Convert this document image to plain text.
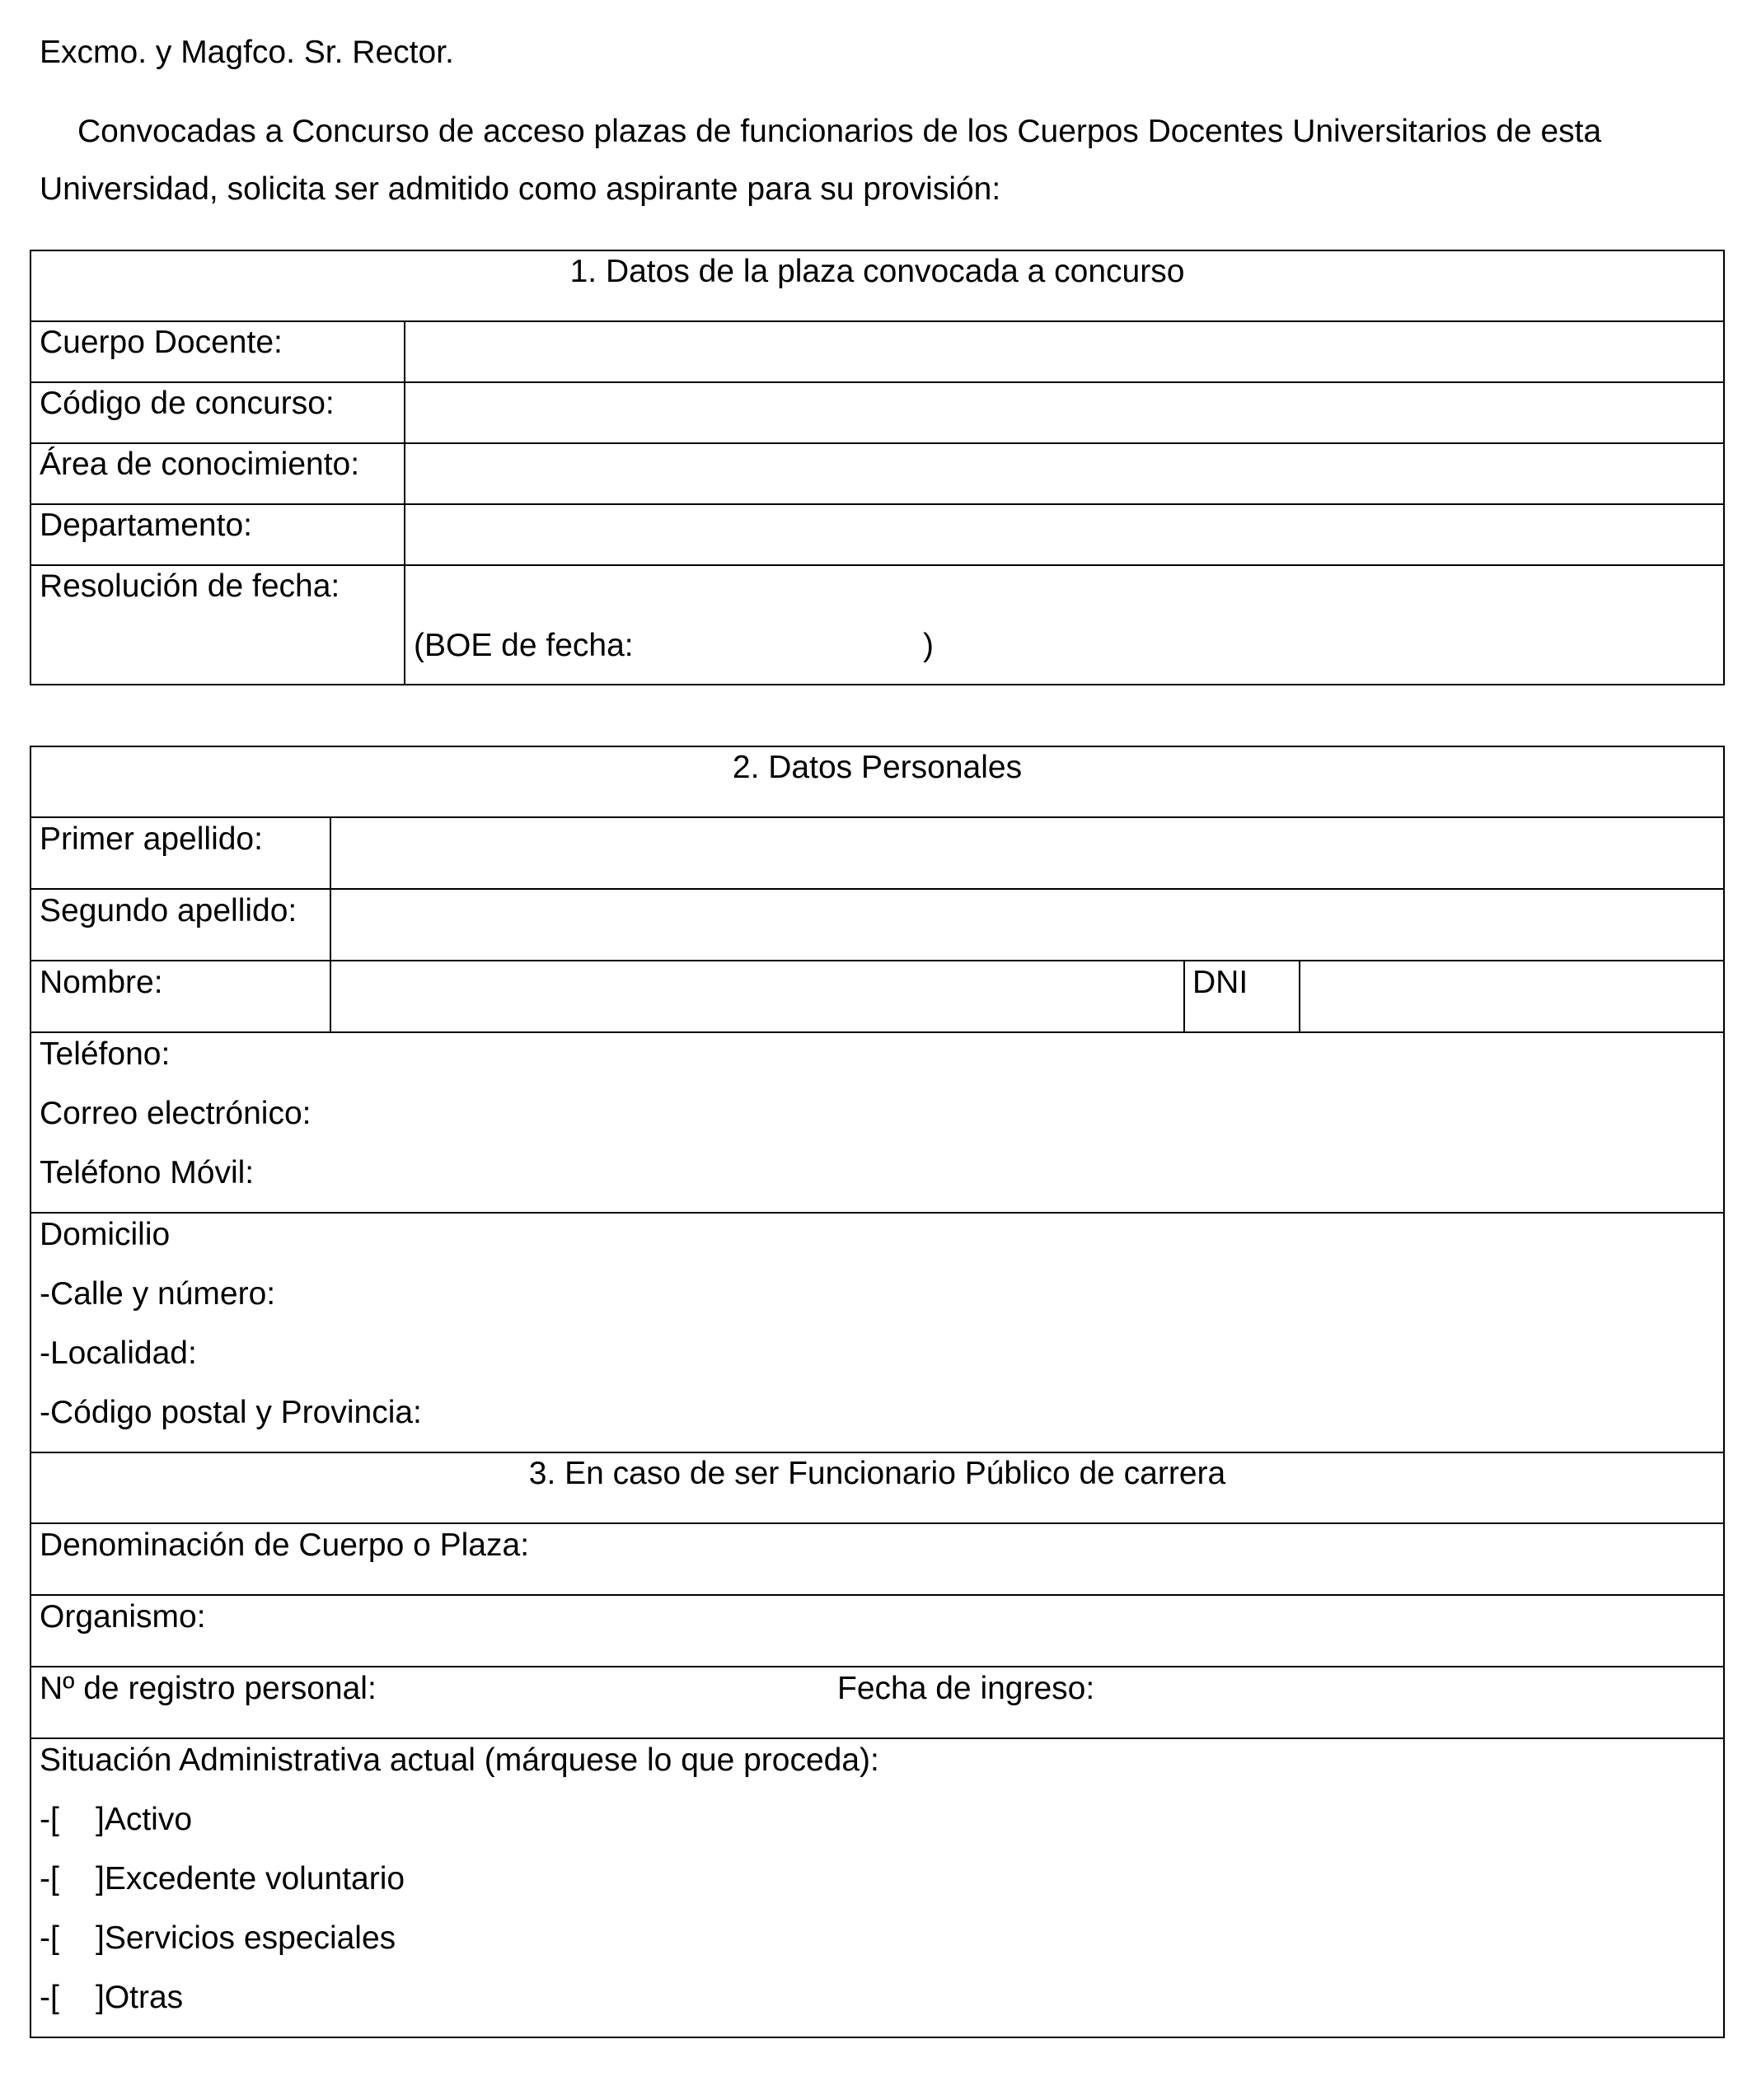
Excmo. y Magfco. Sr. Rector.
Convocadas a Concurso de acceso plazas de funcionarios de los Cuerpos Docentes Universitarios de esta
Universidad, solicita ser admitido como aspirante para su provisión:
1. Datos de la plaza convocada a concurso
Cuerpo Docente:
Código de concurso:
Área de conocimiento:
Departamento:
Resolución de fecha:
(BOE de fecha:	)
2. Datos Personales
Primer apellido:
Segundo apellido:
Nombre:	DNI
Teléfono:
Correo electrónico:
Teléfono Móvil:
Domicilio
-Calle y número:
-Localidad:
-Código postal y Provincia:
3. En caso de ser Funcionario Público de carrera
Denominación de Cuerpo o Plaza:
Organismo:
Nº de registro personal:	Fecha de ingreso:
Situación Administrativa actual (márquese lo que proceda):
-[ ]Activo
-[ ]Excedente voluntario
-[ ]Servicios especiales
-[ ]Otras
